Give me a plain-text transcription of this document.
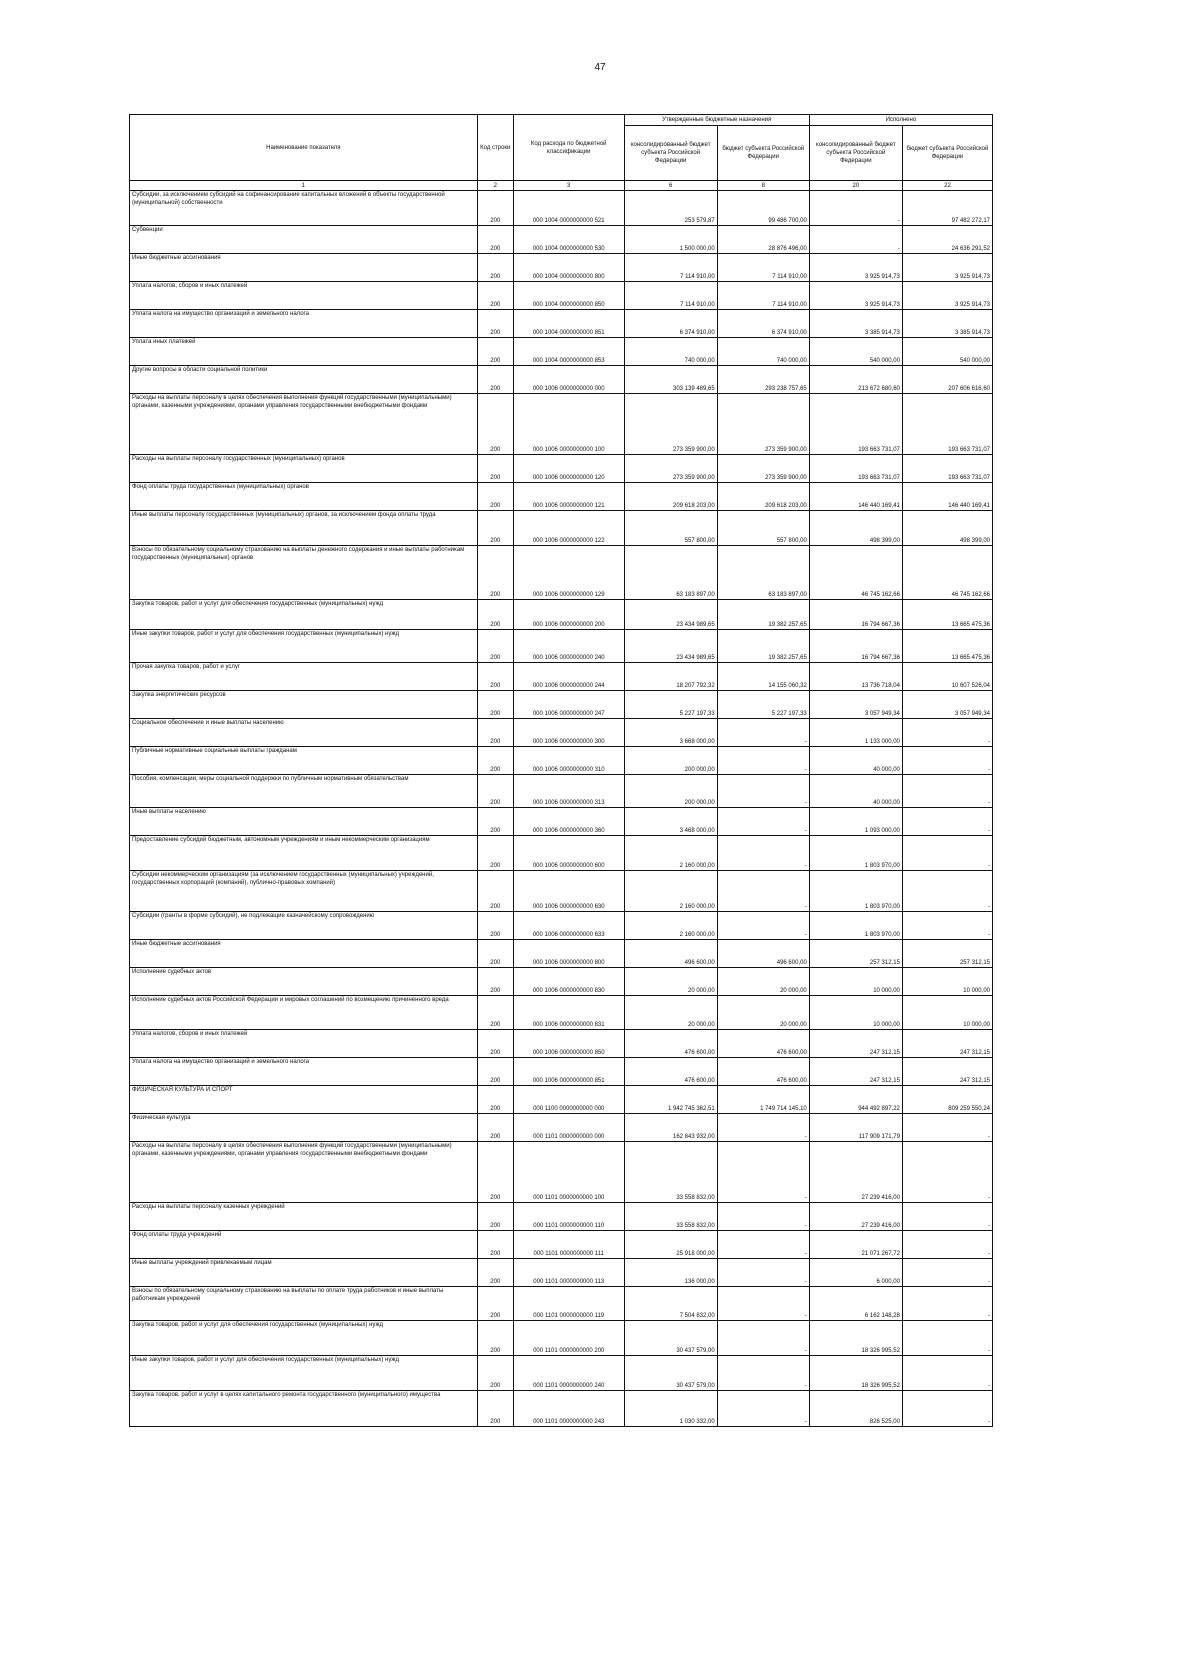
47
Наименование показателя	Код строки	Код расхода по бюджетной классификации	Утвержденные бюджетные назначения		Исполнено	
			консолидированный бюджет субъекта Российской Федерации	бюджет субъекта Российской Федерации	консолидированный бюджет субъекта Российской Федерации	бюджет субъекта Российской Федерации
1	2	3	6	8	20	22
Субсидии, за исключением субсидий на софинансирование капитальных вложений в объекты государственной (муниципальной) собственности	200	000 1004 0000000000 521	253 579,87	99 486 700,00	-	97 482 272,17
Субвенции	200	000 1004 0000000000 530	1 500 000,00	28 876 496,00	-	24 636 291,52
Иные бюджетные ассигнования	200	000 1004 0000000000 800	7 114 910,00	7 114 910,00	3 925 914,73	3 925 914,73
Уплата налогов, сборов и иных платежей	200	000 1004 0000000000 850	7 114 910,00	7 114 910,00	3 925 914,73	3 925 914,73
Уплата налога на имущество организаций и земельного налога	200	000 1004 0000000000 851	6 374 910,00	6 374 910,00	3 385 914,73	3 385 914,73
Уплата иных платежей	200	000 1004 0000000000 853	740 000,00	740 000,00	540 000,00	540 000,00
Другие вопросы в области социальной политики	200	000 1006 0000000000 000	303 139 489,65	293 238 757,65	213 672 680,60	207 606 616,60
Расходы на выплаты персоналу в целях обеспечения выполнения функций государственными (муниципальными) органами, казенными учреждениями, органами управления государственными внебюджетными фондами	200	000 1006 0000000000 100	273 359 900,00	273 359 900,00	193 663 731,07	193 663 731,07
Расходы на выплаты персоналу государственных (муниципальных) органов	200	000 1006 0000000000 120	273 359 900,00	273 359 900,00	193 663 731,07	193 663 731,07
Фонд оплаты труда государственных (муниципальных) органов	200	000 1006 0000000000 121	209 618 203,00	209 618 203,00	146 440 169,41	146 440 169,41
Иные выплаты персоналу государственных (муниципальных) органов, за исключением фонда оплаты труда	200	000 1006 0000000000 122	557 800,00	557 800,00	498 399,00	498 399,00
Взносы по обязательному социальному страхованию на выплаты денежного содержания и иные выплаты работникам государственных (муниципальных) органов	200	000 1006 0000000000 129	63 183 897,00	63 183 897,00	46 745 162,66	46 745 162,66
Закупка товаров, работ и услуг для обеспечения государственных (муниципальных) нужд	200	000 1006 0000000000 200	23 434 989,65	19 382 257,65	16 794 667,36	13 665 475,36
Иные закупки товаров, работ и услуг для обеспечения государственных (муниципальных) нужд	200	000 1006 0000000000 240	23 434 989,65	19 382 257,65	16 794 667,36	13 665 475,36
Прочая закупка товаров, работ и услуг	200	000 1006 0000000000 244	18 207 792,32	14 155 060,32	13 736 718,04	10 607 526,04
Закупка энергетических ресурсов	200	000 1006 0000000000 247	5 227 197,33	5 227 197,33	3 057 949,34	3 057 949,34
Социальное обеспечение и иные выплаты населению	200	000 1006 0000000000 300	3 668 000,00	-	1 133 000,00	-
Публичные нормативные социальные выплаты гражданам	200	000 1006 0000000000 310	200 000,00	-	40 000,00	-
Пособия, компенсации, меры социальной поддержки по публичным нормативным обязательствам	200	000 1006 0000000000 313	200 000,00	-	40 000,00	-
Иные выплаты населению	200	000 1006 0000000000 360	3 468 000,00	-	1 093 000,00	-
Предоставление субсидий бюджетным, автономным учреждениям и иным некоммерческим организациям	200	000 1006 0000000000 600	2 160 000,00	-	1 803 970,00	-
Субсидии некоммерческим организациям (за исключением государственных (муниципальных) учреждений, государственных корпораций (компаний), публично-правовых компаний)	200	000 1006 0000000000 630	2 160 000,00	-	1 803 970,00	-
Субсидии (гранты в форме субсидий), не подлежащие казначейскому сопровождению	200	000 1006 0000000000 633	2 160 000,00	-	1 803 970,00	-
Иные бюджетные ассигнования	200	000 1006 0000000000 800	496 600,00	496 600,00	257 312,15	257 312,15
Исполнение судебных актов	200	000 1006 0000000000 830	20 000,00	20 000,00	10 000,00	10 000,00
Исполнение судебных актов Российской Федерации и мировых соглашений по возмещению причиненного вреда	200	000 1006 0000000000 831	20 000,00	20 000,00	10 000,00	10 000,00
Уплата налогов, сборов и иных платежей	200	000 1006 0000000000 850	476 600,00	476 600,00	247 312,15	247 312,15
Уплата налога на имущество организаций и земельного налога	200	000 1006 0000000000 851	476 600,00	476 600,00	247 312,15	247 312,15
ФИЗИЧЕСКАЯ КУЛЬТУРА И СПОРТ	200	000 1100 0000000000 000	1 942 745 362,51	1 749 714 145,10	944 492 897,22	809 259 550,24
Физическая культура	200	000 1101 0000000000 000	162 843 932,00	-	117 909 171,79	-
Расходы на выплаты персоналу в целях обеспечения выполнения функций государственными (муниципальными) органами, казенными учреждениями, органами управления государственными внебюджетными фондами	200	000 1101 0000000000 100	33 558 832,00	-	27 239 416,00	-
Расходы на выплаты персоналу казенных учреждений	200	000 1101 0000000000 110	33 558 832,00	-	27 239 416,00	-
Фонд оплаты труда учреждений	200	000 1101 0000000000 111	25 918 000,00	-	21 071 267,72	-
Иные выплаты учреждений привлекаемым лицам	200	000 1101 0000000000 113	136 000,00	-	6 000,00	-
Взносы по обязательному социальному страхованию на выплаты по оплате труда работников и иные выплаты работникам учреждений	200	000 1101 0000000000 119	7 504 832,00	-	6 162 148,28	-
Закупка товаров, работ и услуг для обеспечения государственных (муниципальных) нужд	200	000 1101 0000000000 200	30 437 579,00	-	18 326 995,52	-
Иные закупки товаров, работ и услуг для обеспечения государственных (муниципальных) нужд	200	000 1101 0000000000 240	30 437 579,00	-	18 326 995,52	-
Закупка товаров, работ и услуг в целях капитального ремонта государственного (муниципального) имущества	200	000 1101 0000000000 243	1 030 332,00	-	826 525,00	-
